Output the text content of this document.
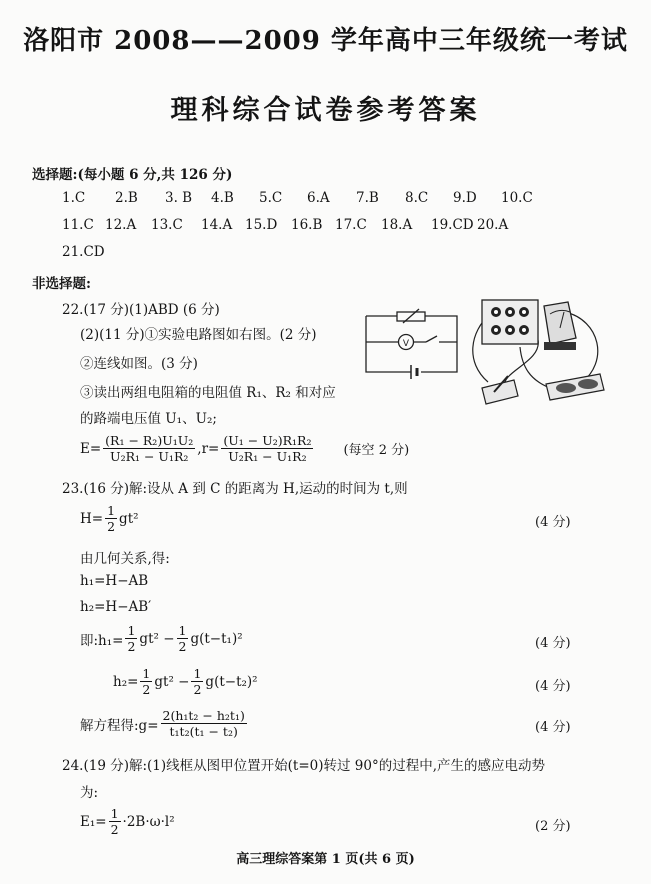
洛阳市 2008——2009 学年高中三年级统一考试
理科综合试卷参考答案
选择题:(每小题 6 分,共 126 分)
1.C 2.B 3. B 4.B 5.C 6.A 7.B 8.C 9.D 10.C
11.C 12.A 13.C 14.A 15.D 16.B 17.C 18.A 19.CD 20.A
21.CD
非选择题:
22.(17 分)(1)ABD (6 分)
(2)(11 分)①实验电路图如右图。(2 分)
②连线如图。(3 分)
③读出两组电阻箱的电阻值 R₁、R₂ 和对应
的路端电压值 U₁、U₂;
$E= \frac{\text{(R₁ − R₂)U₁U₂}}{\text{U₂R₁ − U₁R₂}} ,r= \frac{\text{(U₁ − U₂)R₁R₂}}{\text{U₂R₁ − U₁R₂}}$ (每空 2 分)
V
23.(16 分)解:设从 A 到 C 的距离为 H,运动的时间为 t,则
$H= \frac{1}{2} gt^2$	(4 分)
由几何关系,得:
h₁=H−AB
h₂=H−AB′
即:h₁= $\frac{1}{2} gt^2 - \frac{1}{2} g(t-t_1)^2$	(4 分)
$h_2= \frac{1}{2} gt^2 - \frac{1}{2} g(t-t_2)^2$	(4 分)
解方程得:g= $\frac{\text{2(h₁t₂ − h₂t₁)}}{\text{t₁t₂(t₁ − t₂)}}$	(4 分)
24.(19 分)解:(1)线框从图甲位置开始(t=0)转过 90°的过程中,产生的感应电动势
为:
$E_1= \frac{1}{2} \cdot 2B\cdot\omega\cdot l^2$	(2 分)
高三理综答案第 1 页(共 6 页)
